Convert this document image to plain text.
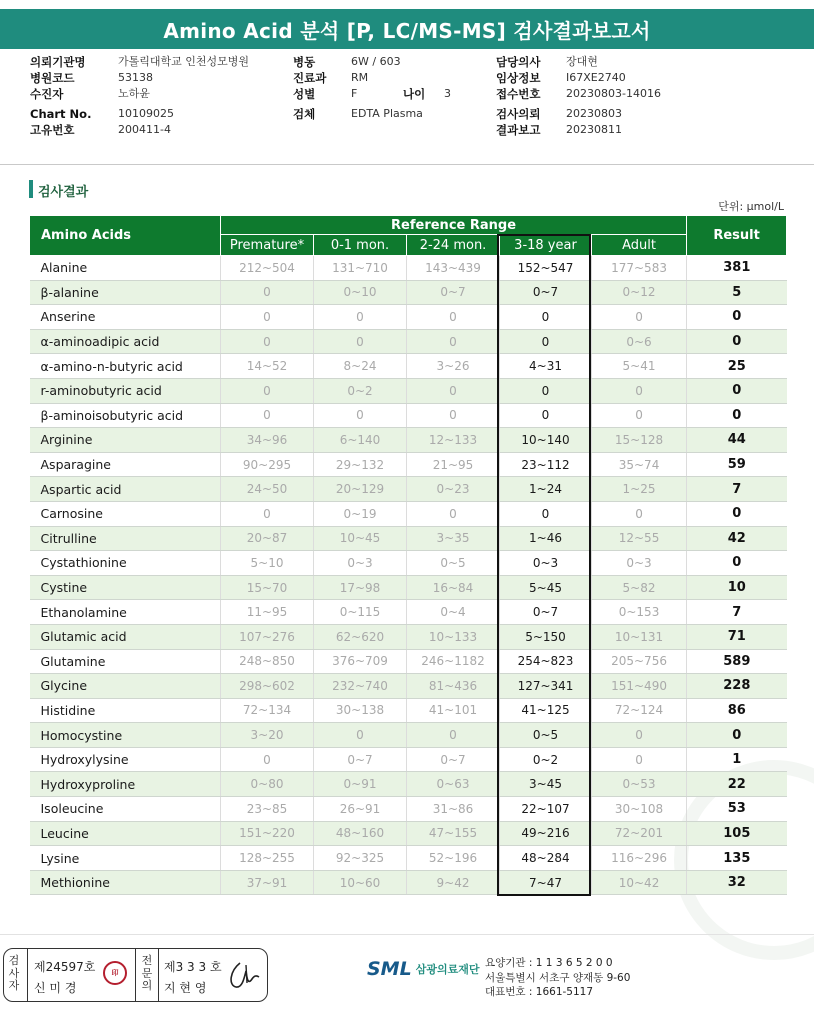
Amino Acid 분석 [P, LC/MS-MS] 검사결과보고서
의뢰기관명	가톨릭대학교 인천성모병원
병원코드	53138
수진자	노하윤
Chart No.	10109025
고유번호	200411-4
병동	6W / 603
진료과	RM
성별	F	나이	3
검체	EDTA Plasma
담당의사	장대현
임상정보	I67XE2740
접수번호	20230803-14016
검사의뢰	20230803
결과보고	20230811
검사결과
단위: μmol/L
Amino Acids	Reference Range					Result
	Premature*	0-1 mon.	2-24 mon.	3-18 year	Adult	
Alanine	212~504	131~710	143~439	152~547	177~583	381
β-alanine	0	0~10	0~7	0~7	0~12	5
Anserine	0	0	0	0	0	0
α-aminoadipic acid	0	0	0	0	0~6	0
α-amino-n-butyric acid	14~52	8~24	3~26	4~31	5~41	25
r-aminobutyric acid	0	0~2	0	0	0	0
β-aminoisobutyric acid	0	0	0	0	0	0
Arginine	34~96	6~140	12~133	10~140	15~128	44
Asparagine	90~295	29~132	21~95	23~112	35~74	59
Aspartic acid	24~50	20~129	0~23	1~24	1~25	7
Carnosine	0	0~19	0	0	0	0
Citrulline	20~87	10~45	3~35	1~46	12~55	42
Cystathionine	5~10	0~3	0~5	0~3	0~3	0
Cystine	15~70	17~98	16~84	5~45	5~82	10
Ethanolamine	11~95	0~115	0~4	0~7	0~153	7
Glutamic acid	107~276	62~620	10~133	5~150	10~131	71
Glutamine	248~850	376~709	246~1182	254~823	205~756	589
Glycine	298~602	232~740	81~436	127~341	151~490	228
Histidine	72~134	30~138	41~101	41~125	72~124	86
Homocystine	3~20	0	0	0~5	0	0
Hydroxylysine	0	0~7	0~7	0~2	0	1
Hydroxyproline	0~80	0~91	0~63	3~45	0~53	22
Isoleucine	23~85	26~91	31~86	22~107	30~108	53
Leucine	151~220	48~160	47~155	49~216	72~201	105
Lysine	128~255	92~325	52~196	48~284	116~296	135
Methionine	37~91	10~60	9~42	7~47	10~42	32
검사자
제24597호
신 미 경
印
전문의
제3 3 3 호
지 현 영
SML 삼광의료재단 요양기관 : 1 1 3 6 5 2 0 0
서울특별시 서초구 양재동 9-60
대표번호 : 1661-5117
